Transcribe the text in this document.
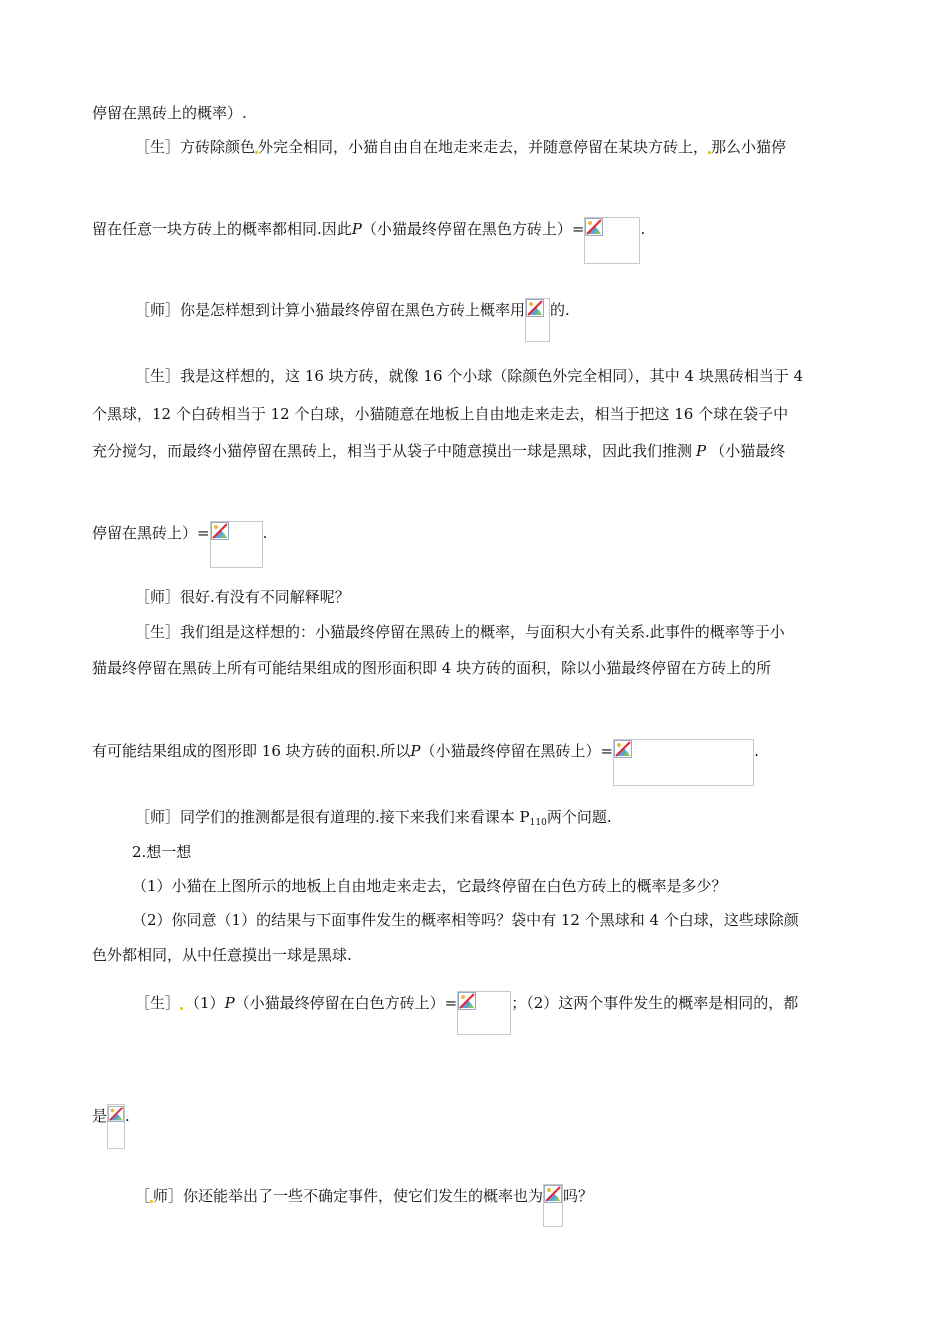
停留在黑砖上的概率）.
［生］方砖除颜色 外完全相同，小猫自由自在地走来走去，并随意停留在某块方砖上， 那么小猫停
留在任意一块方砖上的概率都相同.因此P（小猫最终停留在黑色方砖上）=	.
［师］你是怎样想到计算小猫最终停留在黑色方砖上概率用 的.
［生］我是这样想的，这 16 块方砖，就像 16 个小球（除颜色外完全相同），其中 4 块黑砖相当于 4
个黑球，12 个白砖相当于 12 个白球，小猫随意在地板上自由地走来走去，相当于把这 16 个球在袋子中
充分搅匀，而最终小猫停留在黑砖上，相当于从袋子中随意摸出一球是黑球，因此我们推测 P （小猫最终
停留在黑砖上）=	.
［师］很好.有没有不同解释呢？
［生］我们组是这样想的：小猫最终停留在黑砖上的概率，与面积大小有关系.此事件的概率等于小
猫最终停留在黑砖上所有可能结果组成的图形面积即 4 块方砖的面积，除以小猫最终停留在方砖上的所
有可能结果组成的图形即 16 块方砖的面积.所以P（小猫最终停留在黑砖上）=	.
［师］同学们的推测都是很有道理的.接下来我们来看课本 $P_{110}$两个问题.
2.想一想
（1）小猫在上图所示的地板上自由地走来走去，它最终停留在白色方砖上的概率是多少？
（2）你同意（1）的结果与下面事件发生的概率相等吗？袋中有 12 个黑球和 4 个白球，这些球除颜
色外都相同，从中任意摸出一球是黑球.
［生］ （1）P（小猫最终停留在白色方砖上）=	；（2）这两个事件发生的概率是相同的，都
是 .
［ 师］你还能举出了一些不确定事件，使它们发生的概率也为 吗？
